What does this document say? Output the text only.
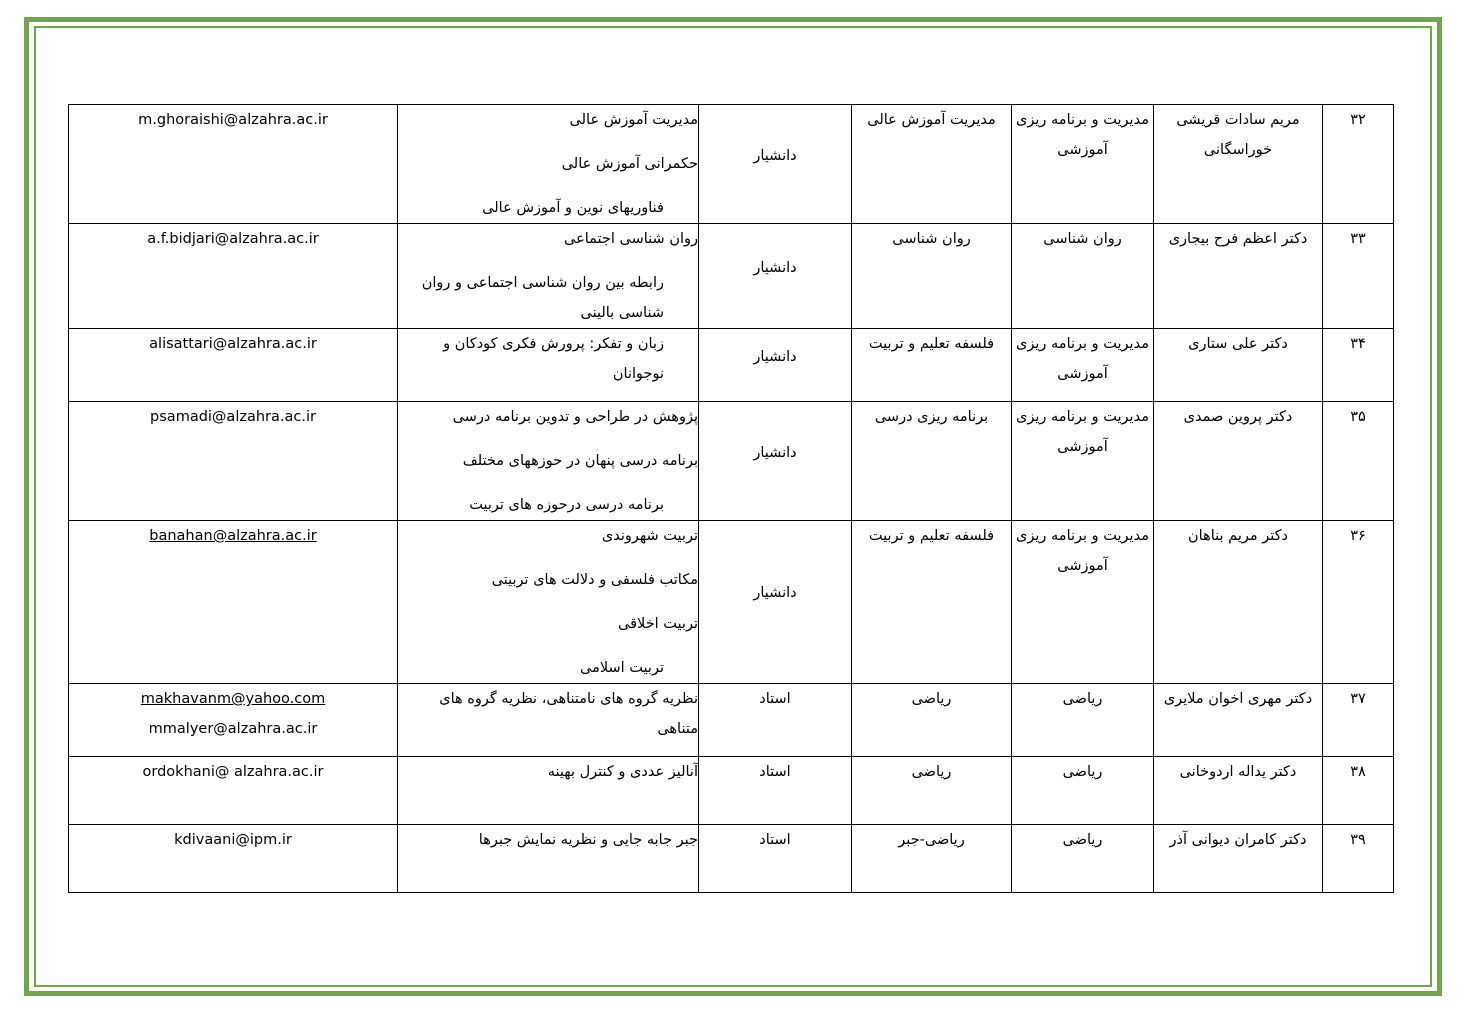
m.ghoraishi@alzahra.ac.ir	مدیریت آموزش عالی
حکمرانی آموزش عالی
فناوریهای نوین و آموزش عالی	دانشیار	مدیریت آموزش عالی	مدیریت و برنامه ریزی آموزشی	مریم سادات قریشی خوراسگانی	۳۲

a.f.bidjari@alzahra.ac.ir	روان شناسی اجتماعی
رابطه بین روان شناسی اجتماعی و روان شناسی بالینی	دانشیار	روان شناسی	روان شناسی	دکتر اعظم فرح بیجاری	۳۳

alisattari@alzahra.ac.ir	زبان و تفکر: پرورش فکری کودکان و نوجوانان	دانشیار	فلسفه تعلیم و تربیت	مدیریت و برنامه ریزی آموزشی	دکتر علی ستاری	۳۴

psamadi@alzahra.ac.ir	پژوهش در طراحی و تدوین برنامه درسی
برنامه درسی پنهان در حوزههای مختلف
برنامه درسی درحوزه های تربیت	دانشیار	برنامه ریزی درسی	مدیریت و برنامه ریزی آموزشی	دکتر پروین صمدی	۳۵

banahan@alzahra.ac.ir	تربیت شهروندی
مکاتب فلسفی و دلالت های تربیتی
تربیت اخلاقی
تربیت اسلامی	دانشیار	فلسفه تعلیم و تربیت	مدیریت و برنامه ریزی آموزشی	دکتر مریم بناهان	۳۶

makhavanm@yahoo.com
mmalyer@alzahra.ac.ir	نظریه گروه های نامتناهی، نظریه گروه های متناهی	استاد	ریاضی	ریاضی	دکتر مهری اخوان ملایری	۳۷

ordokhani@ alzahra.ac.ir	آنالیز عددی و کنترل بهینه	استاد	ریاضی	ریاضی	دکتر یداله اردوخانی	۳۸

kdivaani@ipm.ir	جبر جابه جایی و نظریه نمایش جبرها	استاد	ریاضی-جبر	ریاضی	دکتر کامران دیوانی آذر	۳۹
